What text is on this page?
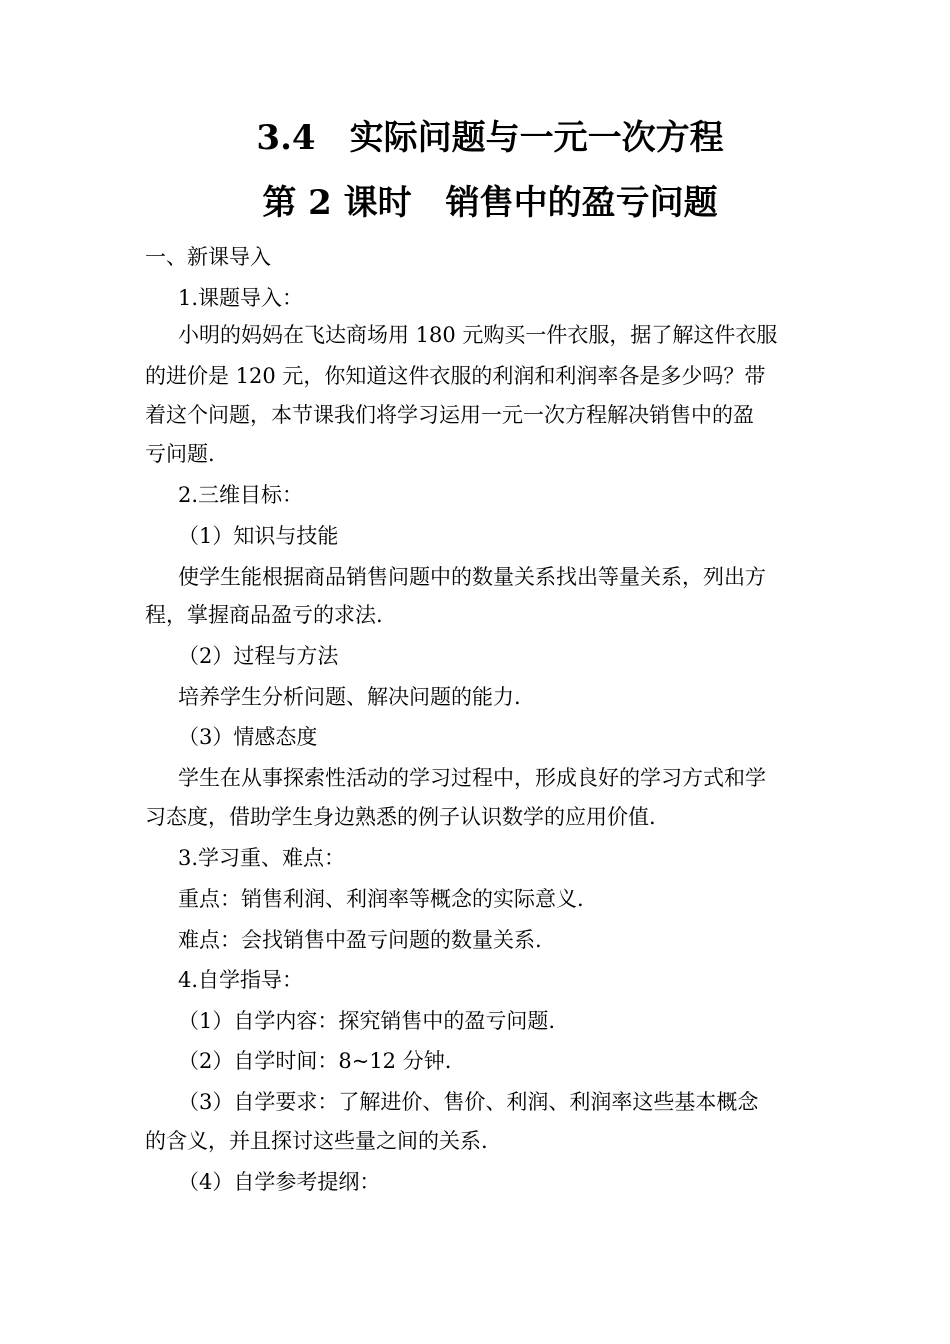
3.4　实际问题与一元一次方程
第 2 课时　销售中的盈亏问题
一、新课导入
1.课题导入：
小明的妈妈在飞达商场用 180 元购买一件衣服，据了解这件衣服
的进价是 120 元，你知道这件衣服的利润和利润率各是多少吗？带
着这个问题，本节课我们将学习运用一元一次方程解决销售中的盈
亏问题.
2.三维目标：
（1）知识与技能
使学生能根据商品销售问题中的数量关系找出等量关系，列出方
程，掌握商品盈亏的求法.
（2）过程与方法
培养学生分析问题、解决问题的能力.
（3）情感态度
学生在从事探索性活动的学习过程中，形成良好的学习方式和学
习态度，借助学生身边熟悉的例子认识数学的应用价值.
3.学习重、难点：
重点：销售利润、利润率等概念的实际意义.
难点：会找销售中盈亏问题的数量关系.
4.自学指导：
（1）自学内容：探究销售中的盈亏问题.
（2）自学时间：8~12 分钟.
（3）自学要求：了解进价、售价、利润、利润率这些基本概念
的含义，并且探讨这些量之间的关系.
（4）自学参考提纲：
